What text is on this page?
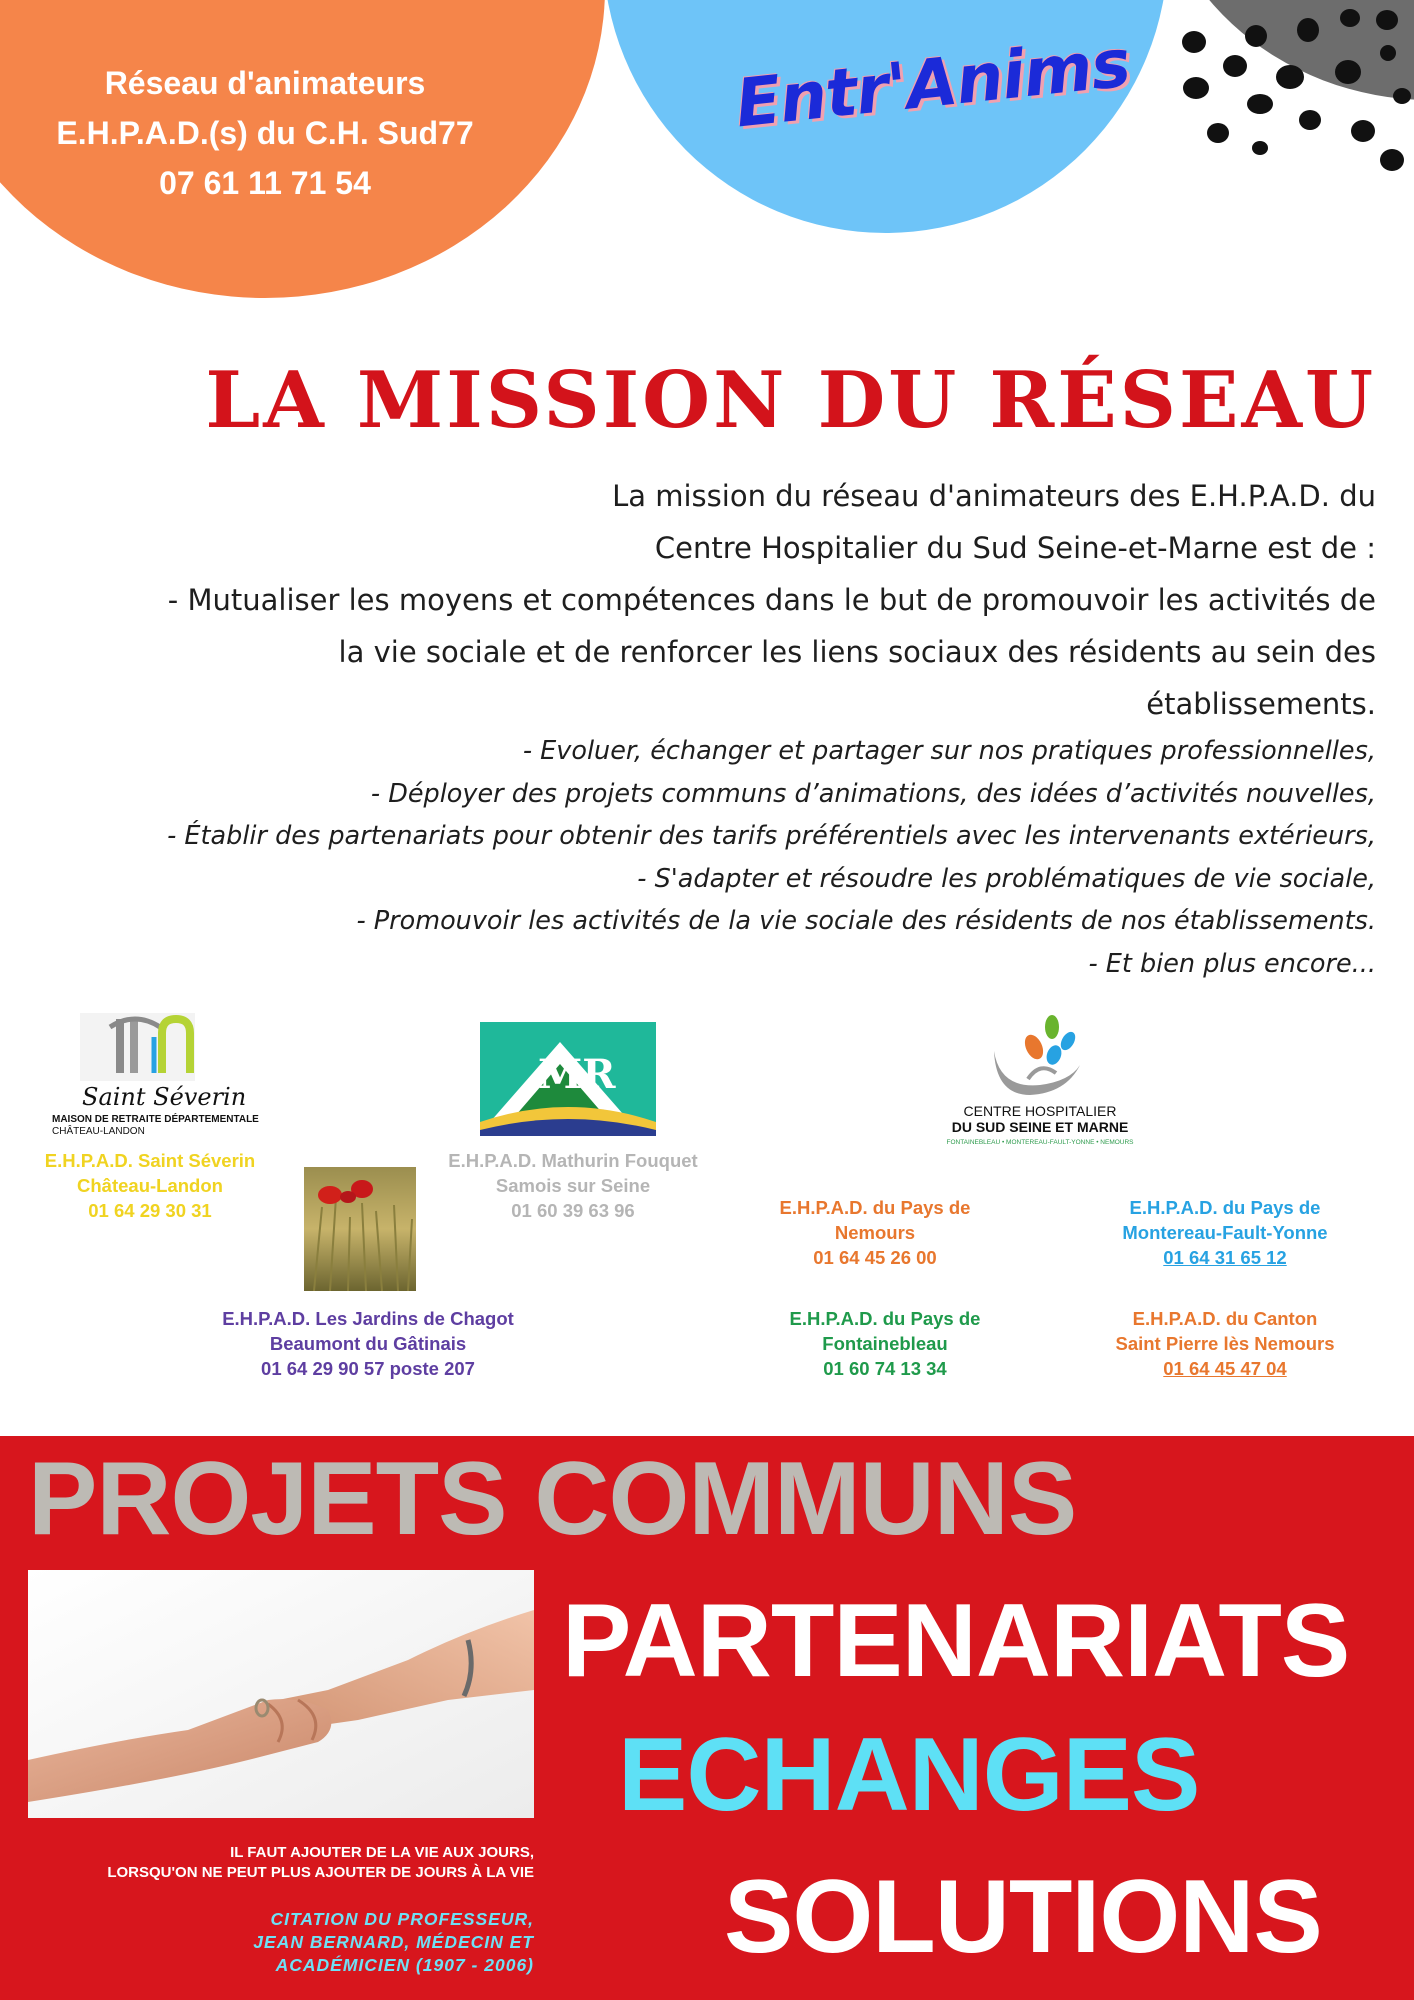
Réseau d'animateurs
E.H.P.A.D.(s) du C.H. Sud77
07 61 11 71 54
Entr'Anims
LA MISSION DU RÉSEAU
La mission du réseau d'animateurs des E.H.P.A.D. du
Centre Hospitalier du Sud Seine-et-Marne est de :
- Mutualiser les moyens et compétences dans le but de promouvoir les activités de
la vie sociale et de renforcer les liens sociaux des résidents au sein des
établissements.
- Evoluer, échanger et partager sur nos pratiques professionnelles,
- Déployer des projets communs d’animations, des idées d’activités nouvelles,
- Établir des partenariats pour obtenir des tarifs préférentiels avec les intervenants extérieurs,
- S'adapter et résoudre les problématiques de vie sociale,
- Promouvoir les activités de la vie sociale des résidents de nos établissements.
- Et bien plus encore...
Saint Séverin
MAISON DE RETRAITE DÉPARTEMENTALE
CHÂTEAU-LANDON
MR
CENTRE HOSPITALIER
DU SUD SEINE ET MARNE
FONTAINEBLEAU • MONTEREAU-FAULT-YONNE • NEMOURS
E.H.P.A.D. Saint Séverin
Château-Landon
01 64 29 30 31
E.H.P.A.D. Mathurin Fouquet
Samois sur Seine
01 60 39 63 96	E.H.P.A.D. du Pays de
Nemours
01 64 45 26 00
E.H.P.A.D. du Pays de
Montereau-Fault-Yonne
01 64 31 65 12
E.H.P.A.D. Les Jardins de Chagot
Beaumont du Gâtinais
01 64 29 90 57 poste 207
E.H.P.A.D. du Pays de
Fontainebleau
01 60 74 13 34
E.H.P.A.D. du Canton
Saint Pierre lès Nemours
01 64 45 47 04
PROJETS COMMUNS
PARTENARIATS
ECHANGES
SOLUTIONS
IL FAUT AJOUTER DE LA VIE AUX JOURS,
LORSQU'ON NE PEUT PLUS AJOUTER DE JOURS À LA VIE
CITATION DU PROFESSEUR,
JEAN BERNARD, MÉDECIN ET
ACADÉMICIEN (1907 - 2006)
